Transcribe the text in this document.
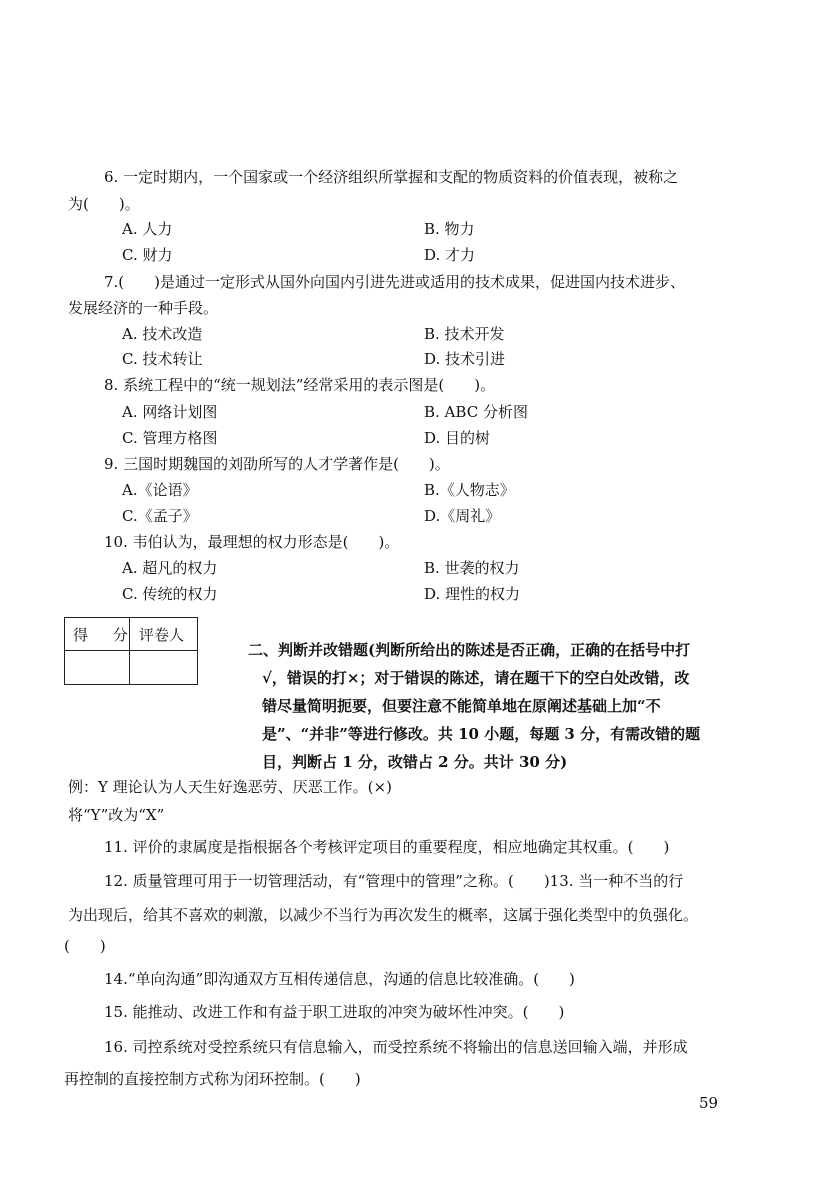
6. 一定时期内，一个国家或一个经济组织所掌握和支配的物质资料的价值表现，被称之
为(　　)。
A. 人力	B. 物力
C. 财力	D. 才力
7.(　　)是通过一定形式从国外向国内引进先进或适用的技术成果，促进国内技术进步、
发展经济的一种手段。
A. 技术改造	B. 技术开发
C. 技术转让	D. 技术引进
8. 系统工程中的“统一规划法”经常采用的表示图是(　　)。
A. 网络计划图	B. ABC 分析图
C. 管理方格图	D. 目的树
9. 三国时期魏国的刘劭所写的人才学著作是(　　)。
A.《论语》	B.《人物志》
C.《孟子》	D.《周礼》
10. 韦伯认为，最理想的权力形态是(　　)。
A. 超凡的权力	B. 世袭的权力
C. 传统的权力	D. 理性的权力
得 分 评卷人
二、判断并改错题(判断所给出的陈述是否正确，正确的在括号中打
√，错误的打×；对于错误的陈述，请在题干下的空白处改错，改
错尽量简明扼要，但要注意不能简单地在原阐述基础上加“不
是”、“并非”等进行修改。共 10 小题，每题 3 分，有需改错的题
目，判断占 1 分，改错占 2 分。共计 30 分)
例：Y 理论认为人天生好逸恶劳、厌恶工作。(×)
将“Y”改为“X”
11. 评价的隶属度是指根据各个考核评定项目的重要程度，相应地确定其权重。(　　)
12. 质量管理可用于一切管理活动，有“管理中的管理”之称。(　　)13. 当一种不当的行
为出现后，给其不喜欢的刺激，以减少不当行为再次发生的概率，这属于强化类型中的负强化。
(　　)
14.“单向沟通”即沟通双方互相传递信息，沟通的信息比较准确。(　　)
15. 能推动、改进工作和有益于职工进取的冲突为破坏性冲突。(　　)
16. 司控系统对受控系统只有信息输入，而受控系统不将输出的信息送回输入端，并形成
再控制的直接控制方式称为闭环控制。(　　)
59
